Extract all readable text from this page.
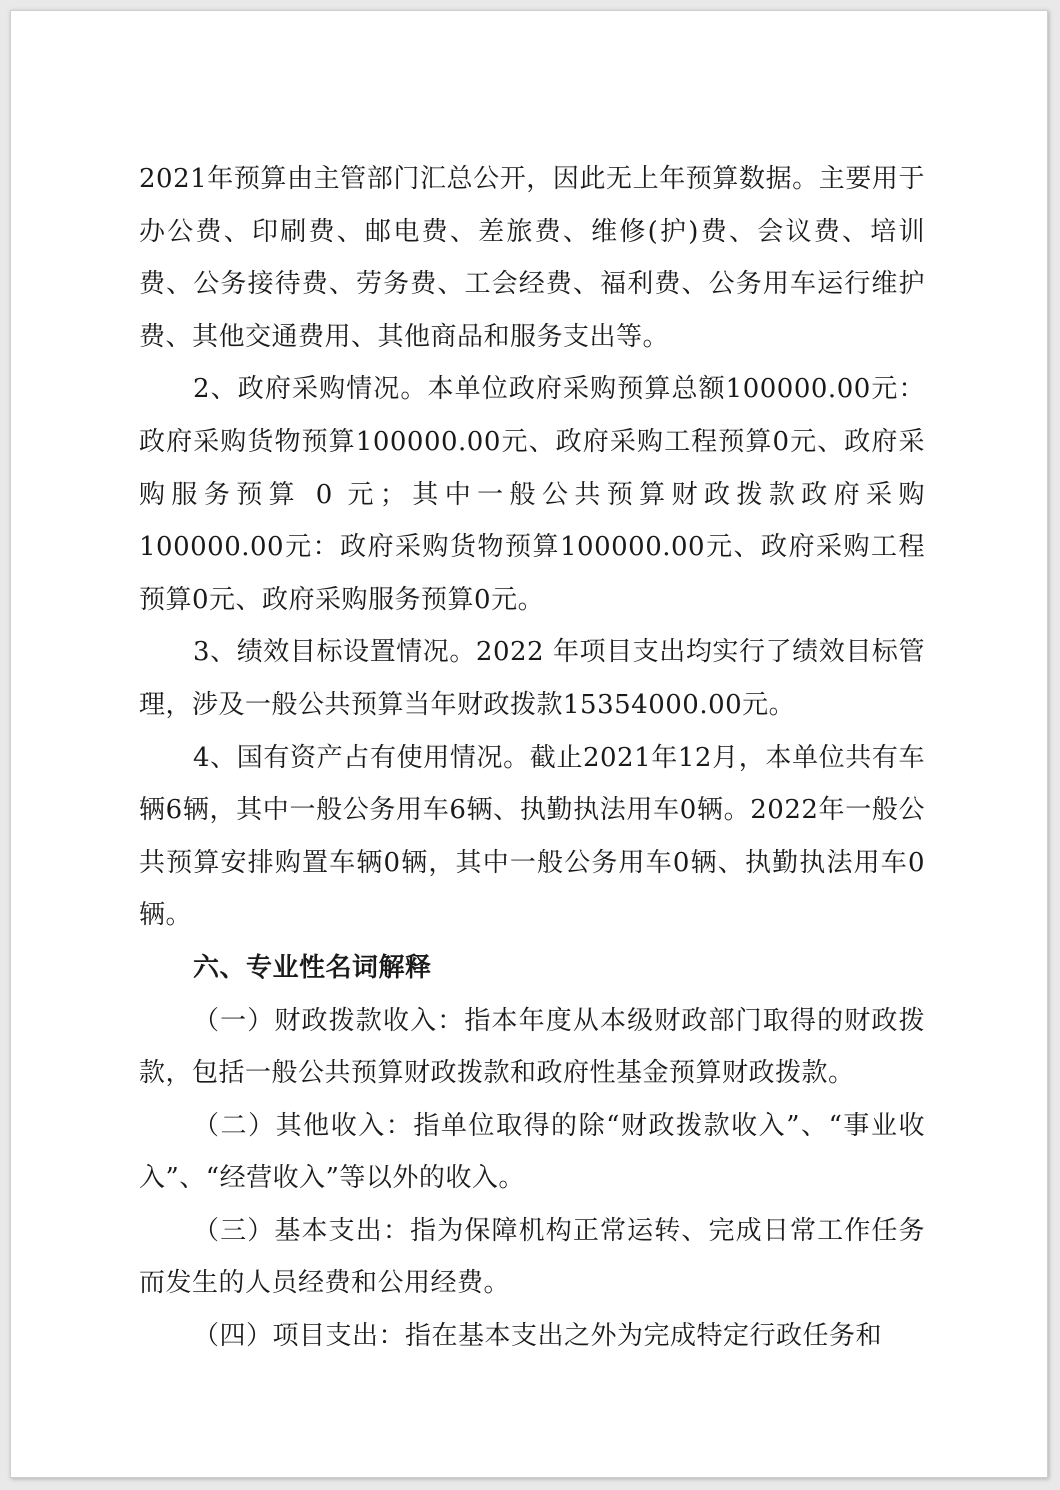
2021年预算由主管部门汇总公开，因此无上年预算数据。主要用于办公费、印刷费、邮电费、差旅费、维修(护)费、会议费、培训费、公务接待费、劳务费、工会经费、福利费、公务用车运行维护费、其他交通费用、其他商品和服务支出等。

2、政府采购情况。本单位政府采购预算总额100000.00元：政府采购货物预算100000.00元、政府采购工程预算0元、政府采购服务预算 0 元；其中一般公共预算财政拨款政府采购100000.00元：政府采购货物预算100000.00元、政府采购工程预算0元、政府采购服务预算0元。

3、绩效目标设置情况。2022 年项目支出均实行了绩效目标管理，涉及一般公共预算当年财政拨款15354000.00元。

4、国有资产占有使用情况。截止2021年12月，本单位共有车辆6辆，其中一般公务用车6辆、执勤执法用车0辆。2022年一般公共预算安排购置车辆0辆，其中一般公务用车0辆、执勤执法用车0辆。

六、专业性名词解释

（一）财政拨款收入：指本年度从本级财政部门取得的财政拨款，包括一般公共预算财政拨款和政府性基金预算财政拨款。

（二）其他收入：指单位取得的除“财政拨款收入”、“事业收入”、“经营收入”等以外的收入。

（三）基本支出：指为保障机构正常运转、完成日常工作任务而发生的人员经费和公用经费。

（四）项目支出：指在基本支出之外为完成特定行政任务和
